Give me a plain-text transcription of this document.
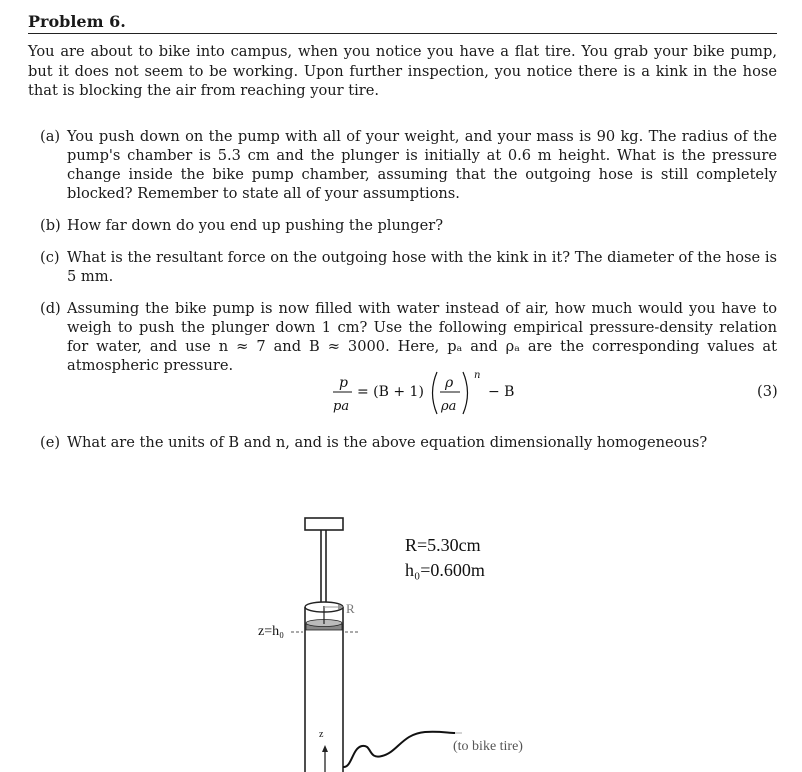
Problem 6.
You are about to bike into campus, when you notice you have a flat tire. You grab your bike pump, but it does not seem to be working. Upon further inspection, you notice there is a kink in the hose that is blocking the air from reaching your tire.
(a) You push down on the pump with all of your weight, and your mass is 90 kg. The radius of the pump's chamber is 5.3 cm and the plunger is initially at 0.6 m height. What is the pressure change inside the bike pump chamber, assuming that the outgoing hose is still completely blocked? Remember to state all of your assumptions.
(b) How far down do you end up pushing the plunger?
(c) What is the resultant force on the outgoing hose with the kink in it? The diameter of the hose is 5 mm.
(d) Assuming the bike pump is now filled with water instead of air, how much would you have to weigh to push the plunger down 1 cm? Use the following empirical pressure-density relation for water, and use n ≈ 7 and B ≈ 3000. Here, pₐ and ρₐ are the corresponding values at atmospheric pressure.
p
pa
= (B + 1)
ρ
ρa
n
− B	(3)
(e) What are the units of B and n, and is the above equation dimensionally homogeneous?
R=5.30cm
h₀=0.600m
R
z=h₀
z
(to bike tire)
